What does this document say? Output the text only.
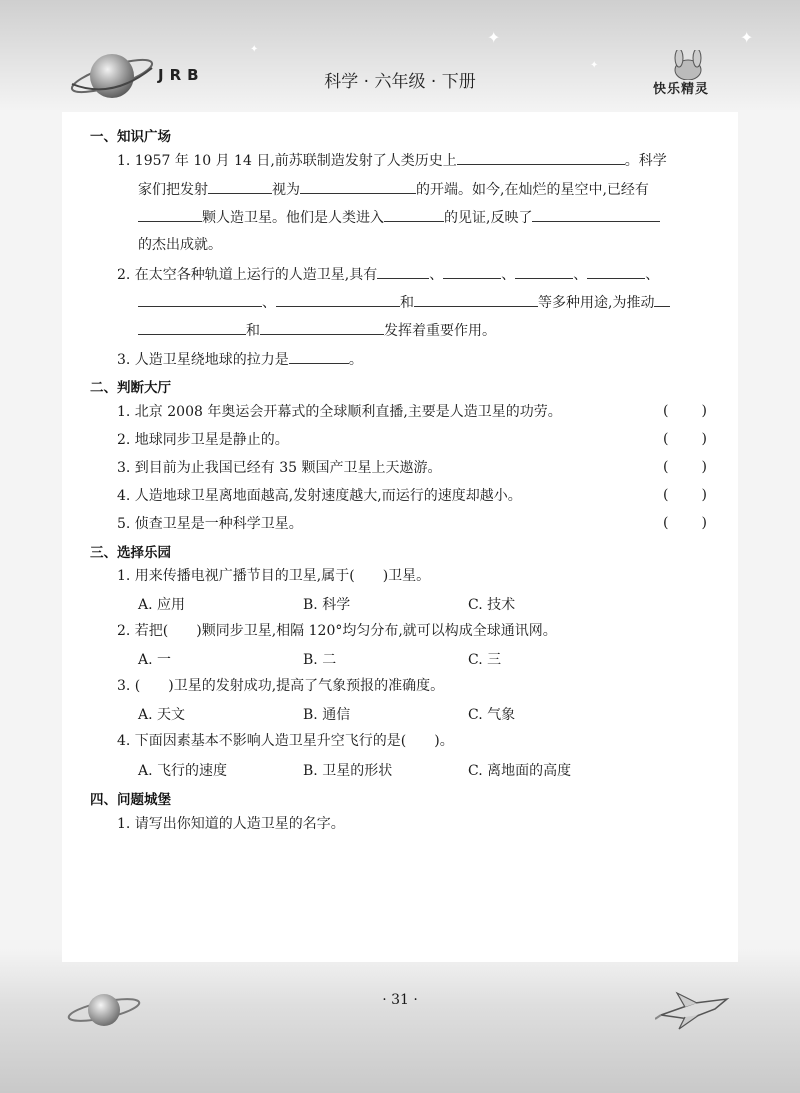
✦	✦
✦
✦
JRB	科学 · 六年级 · 下册	快乐精灵
一、知识广场
1. 1957 年 10 月 14 日,前苏联制造发射了人类历史上	。科学
家们把发射	视为	的开端。如今,在灿烂的星空中,已经有
颗人造卫星。他们是人类进入	的见证,反映了
的杰出成就。
2. 在太空各种轨道上运行的人造卫星,具有	、	、	、	、
、	和	等多种用途,为推动
和	发挥着重要作用。
3. 人造卫星绕地球的拉力是	。
二、判断大厅
1. 北京 2008 年奥运会开幕式的全球顺利直播,主要是人造卫星的功劳。	( )
2. 地球同步卫星是静止的。	( )
3. 到目前为止我国已经有 35 颗国产卫星上天遨游。	( )
4. 人造地球卫星离地面越高,发射速度越大,而运行的速度却越小。	( )
5. 侦查卫星是一种科学卫星。	( )
三、选择乐园
1. 用来传播电视广播节目的卫星,属于(　　)卫星。
A. 应用	B. 科学	C. 技术
2. 若把(　　)颗同步卫星,相隔 120°均匀分布,就可以构成全球通讯网。
A. 一	B. 二	C. 三
3. (　　)卫星的发射成功,提高了气象预报的准确度。
A. 天文	B. 通信	C. 气象
4. 下面因素基本不影响人造卫星升空飞行的是(　　)。
A. 飞行的速度	B. 卫星的形状	C. 离地面的高度
四、问题城堡
1. 请写出你知道的人造卫星的名字。
· 31 ·
